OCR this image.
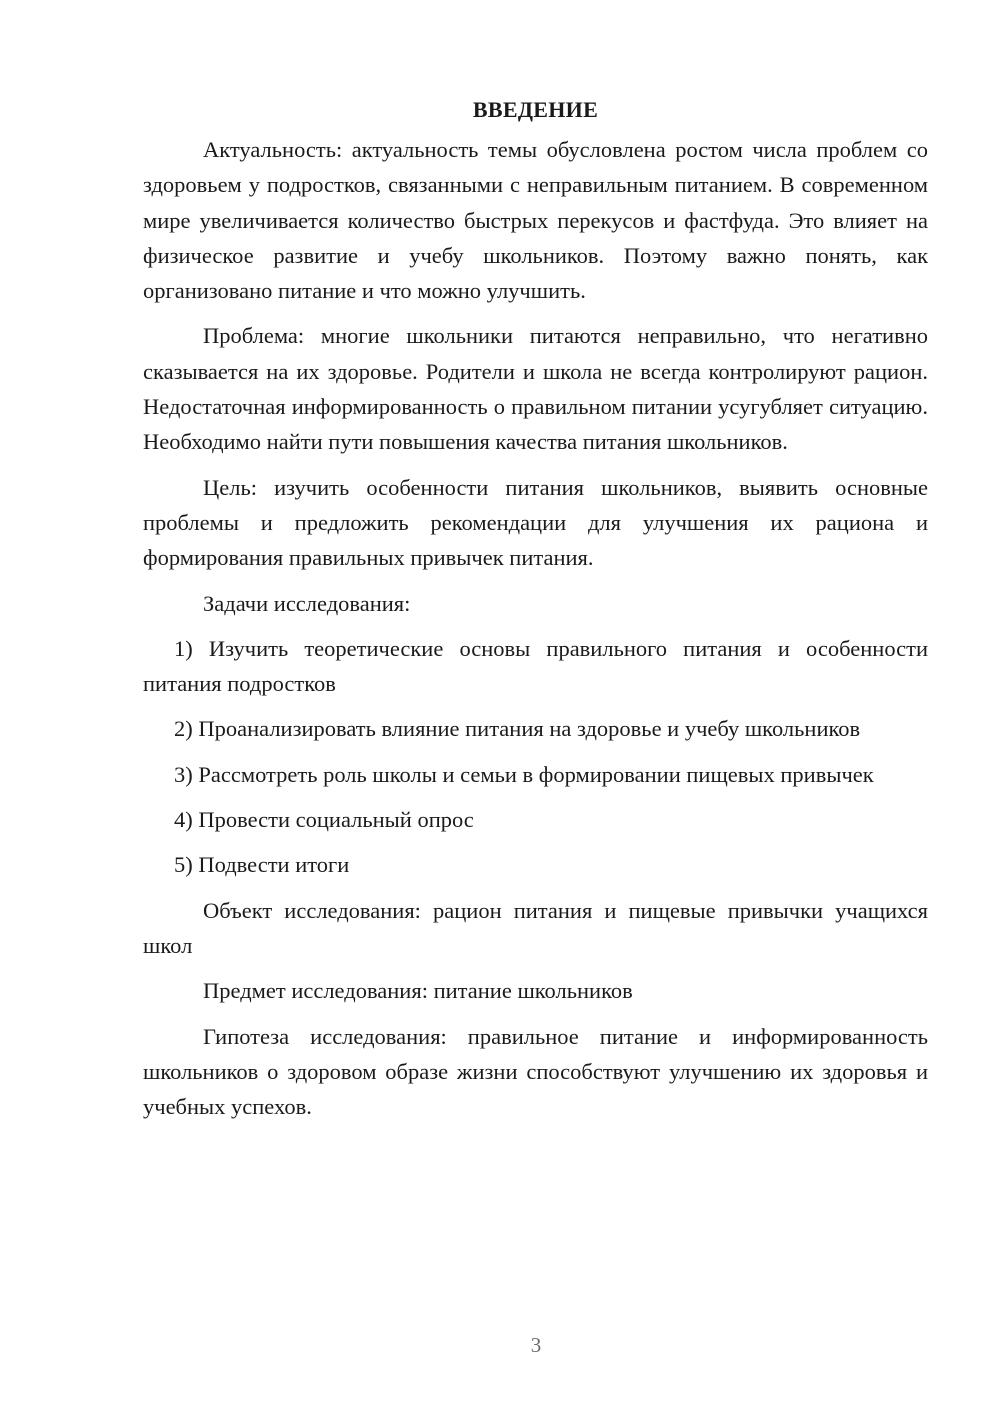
ВВЕДЕНИЕ

Актуальность: актуальность темы обусловлена ростом числа проблем со здоровьем у подростков, связанными с неправильным питанием. В современном мире увеличивается количество быстрых перекусов и фастфуда. Это влияет на физическое развитие и учебу школьников. Поэтому важно понять, как организовано питание и что можно улучшить.

Проблема: многие школьники питаются неправильно, что негативно сказывается на их здоровье. Родители и школа не всегда контролируют рацион. Недостаточная информированность о правильном питании усугубляет ситуацию. Необходимо найти пути повышения качества питания школьников.

Цель: изучить особенности питания школьников, выявить основные проблемы и предложить рекомендации для улучшения их рациона и формирования правильных привычек питания.

Задачи исследования:

1) Изучить теоретические основы правильного питания и особенности питания подростков

2) Проанализировать влияние питания на здоровье и учебу школьников

3) Рассмотреть роль школы и семьи в формировании пищевых привычек

4) Провести социальный опрос

5) Подвести итоги

Объект исследования: рацион питания и пищевые привычки учащихся школ

Предмет исследования: питание школьников

Гипотеза исследования: правильное питание и информированность школьников о здоровом образе жизни способствуют улучшению их здоровья и учебных успехов.

3
